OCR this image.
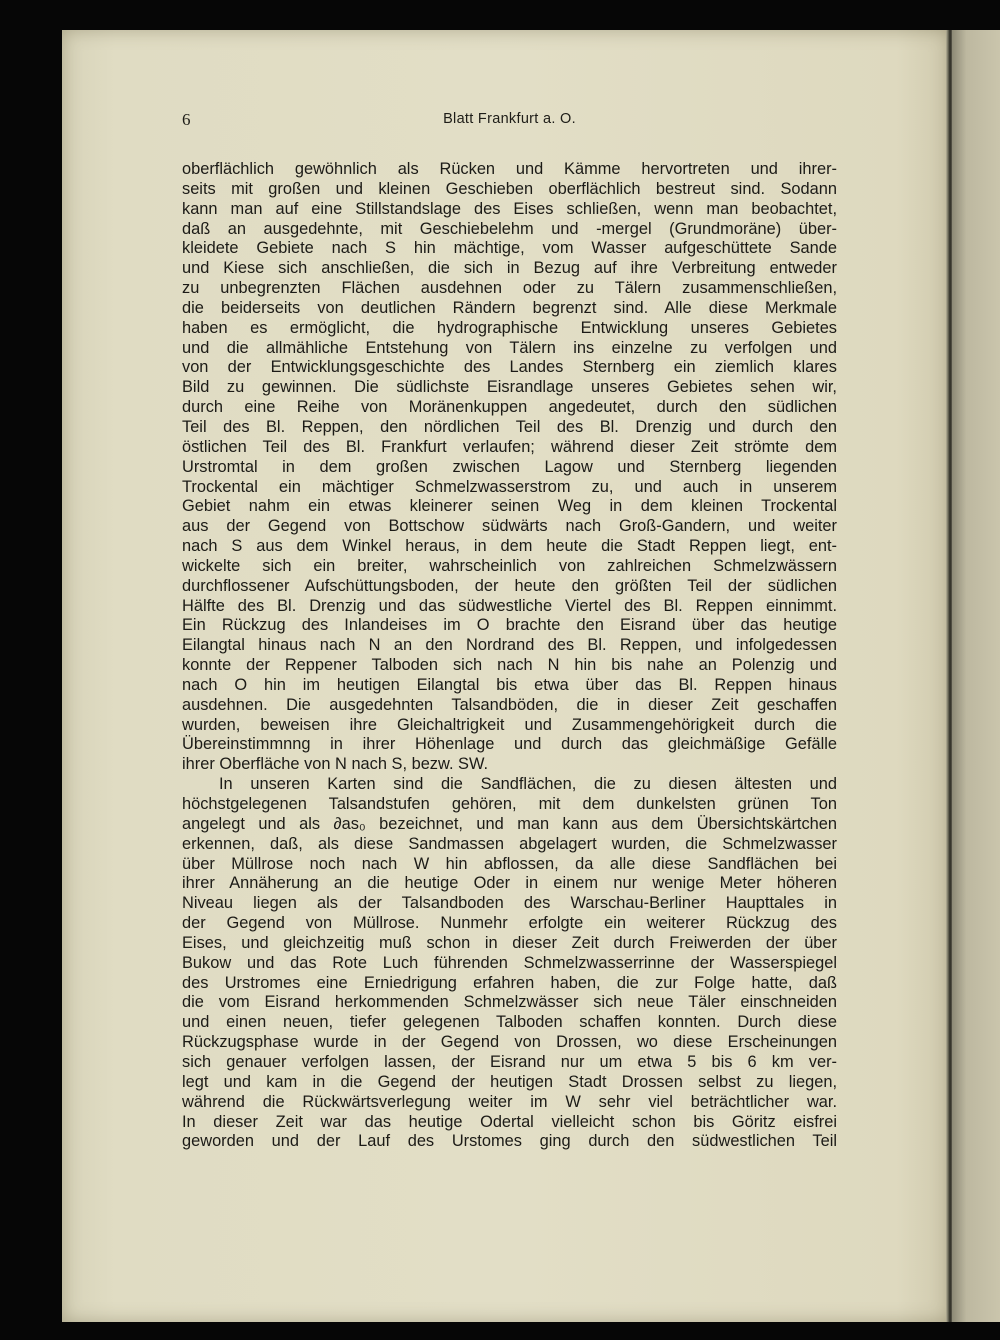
6	Blatt Frankfurt a. O.
oberflächlich gewöhnlich als Rücken und Kämme hervortreten und ihrer-
seits mit großen und kleinen Geschieben oberflächlich bestreut sind. Sodann
kann man auf eine Stillstandslage des Eises schließen, wenn man beobachtet,
daß an ausgedehnte, mit Geschiebelehm und -mergel (Grundmoräne) über-
kleidete Gebiete nach S hin mächtige, vom Wasser aufgeschüttete Sande
und Kiese sich anschließen, die sich in Bezug auf ihre Verbreitung entweder
zu unbegrenzten Flächen ausdehnen oder zu Tälern zusammenschließen,
die beiderseits von deutlichen Rändern begrenzt sind. Alle diese Merkmale
haben es ermöglicht, die hydrographische Entwicklung unseres Gebietes
und die allmähliche Entstehung von Tälern ins einzelne zu verfolgen und
von der Entwicklungsgeschichte des Landes Sternberg ein ziemlich klares
Bild zu gewinnen. Die südlichste Eisrandlage unseres Gebietes sehen wir,
durch eine Reihe von Moränenkuppen angedeutet, durch den südlichen
Teil des Bl. Reppen, den nördlichen Teil des Bl. Drenzig und durch den
östlichen Teil des Bl. Frankfurt verlaufen; während dieser Zeit strömte dem
Urstromtal in dem großen zwischen Lagow und Sternberg liegenden
Trockental ein mächtiger Schmelzwasserstrom zu, und auch in unserem
Gebiet nahm ein etwas kleinerer seinen Weg in dem kleinen Trockental
aus der Gegend von Bottschow südwärts nach Groß-Gandern, und weiter
nach S aus dem Winkel heraus, in dem heute die Stadt Reppen liegt, ent-
wickelte sich ein breiter, wahrscheinlich von zahlreichen Schmelzwässern
durchflossener Aufschüttungsboden, der heute den größten Teil der südlichen
Hälfte des Bl. Drenzig und das südwestliche Viertel des Bl. Reppen einnimmt.
Ein Rückzug des Inlandeises im O brachte den Eisrand über das heutige
Eilangtal hinaus nach N an den Nordrand des Bl. Reppen, und infolgedessen
konnte der Reppener Talboden sich nach N hin bis nahe an Polenzig und
nach O hin im heutigen Eilangtal bis etwa über das Bl. Reppen hinaus
ausdehnen. Die ausgedehnten Talsandböden, die in dieser Zeit geschaffen
wurden, beweisen ihre Gleichaltrigkeit und Zusammengehörigkeit durch die
Übereinstimmnng in ihrer Höhenlage und durch das gleichmäßige Gefälle
ihrer Oberfläche von N nach S, bezw. SW.
In unseren Karten sind die Sandflächen, die zu diesen ältesten und
höchstgelegenen Talsandstufen gehören, mit dem dunkelsten grünen Ton
angelegt und als ∂as₀ bezeichnet, und man kann aus dem Übersichtskärtchen
erkennen, daß, als diese Sandmassen abgelagert wurden, die Schmelzwasser
über Müllrose noch nach W hin abflossen, da alle diese Sandflächen bei
ihrer Annäherung an die heutige Oder in einem nur wenige Meter höheren
Niveau liegen als der Talsandboden des Warschau-Berliner Haupttales in
der Gegend von Müllrose. Nunmehr erfolgte ein weiterer Rückzug des
Eises, und gleichzeitig muß schon in dieser Zeit durch Freiwerden der über
Bukow und das Rote Luch führenden Schmelzwasserrinne der Wasserspiegel
des Urstromes eine Erniedrigung erfahren haben, die zur Folge hatte, daß
die vom Eisrand herkommenden Schmelzwässer sich neue Täler einschneiden
und einen neuen, tiefer gelegenen Talboden schaffen konnten. Durch diese
Rückzugsphase wurde in der Gegend von Drossen, wo diese Erscheinungen
sich genauer verfolgen lassen, der Eisrand nur um etwa 5 bis 6 km ver-
legt und kam in die Gegend der heutigen Stadt Drossen selbst zu liegen,
während die Rückwärtsverlegung weiter im W sehr viel beträchtlicher war.
In dieser Zeit war das heutige Odertal vielleicht schon bis Göritz eisfrei
geworden und der Lauf des Urstomes ging durch den südwestlichen Teil
